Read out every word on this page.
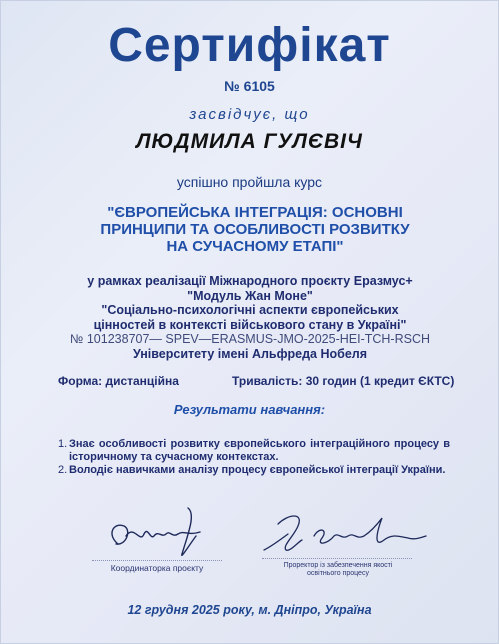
Сертифікат
№ 6105
засвідчує, що
ЛЮДМИЛА ГУЛЄВІЧ
успішно пройшла курс
"ЄВРОПЕЙСЬКА ІНТЕГРАЦІЯ: ОСНОВНІ
ПРИНЦИПИ ТА ОСОБЛИВОСТІ РОЗВИТКУ
НА СУЧАСНОМУ ЕТАПІ"
у рамках реалізації Міжнародного проєкту Еразмус+
"Модуль Жан Моне"
"Соціально-психологічні аспекти європейських
цінностей в контексті військового стану в Україні"
№ 101238707— SPEV—ERASMUS-JMO-2025-HEI-TCH-RSCH
Університету імені Альфреда Нобеля
Форма: дистанційна	Тривалість: 30 годин (1 кредит ЄКТС)
Результати навчання:
1. Знає особливості розвитку європейського інтеграційного процесу в історичному та сучасному контекстах.
2. Володіє навичками аналізу процесу європейської інтеграції України.
Координаторка проєкту	Проректор із забезпечення якості
освітнього процесу
12 грудня 2025 року, м. Дніпро, Україна
